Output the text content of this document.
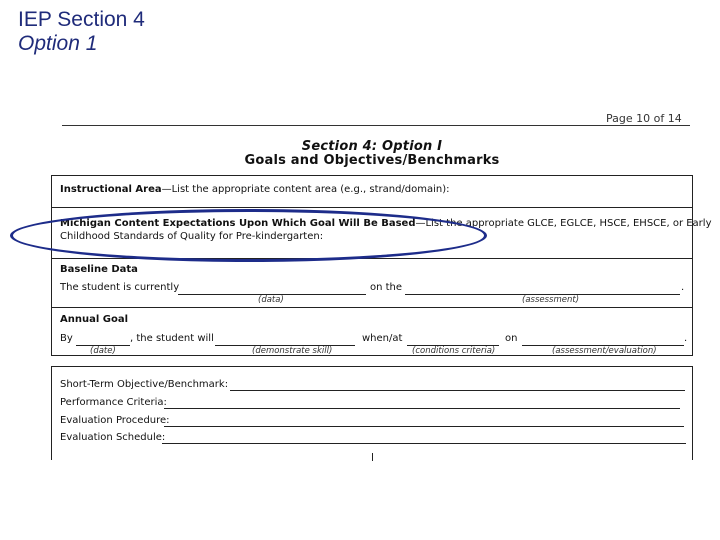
IEP Section 4
Option 1
Page 10 of 14
Section 4: Option I
Goals and Objectives/Benchmarks
Instructional Area—List the appropriate content area (e.g., strand/domain):
Michigan Content Expectations Upon Which Goal Will Be Based—List the appropriate GLCE, EGLCE, HSCE, EHSCE, or Early
Childhood Standards of Quality for Pre-kindergarten:
Baseline Data
The student is currently	on the	.
(data)	(assessment)
Annual Goal
By	, the student will	when/at	on	.
(date)	(demonstrate skill)	(conditions criteria)	(assessment/evaluation)
Short-Term Objective/Benchmark:
Performance Criteria:
Evaluation Procedure:
Evaluation Schedule:
